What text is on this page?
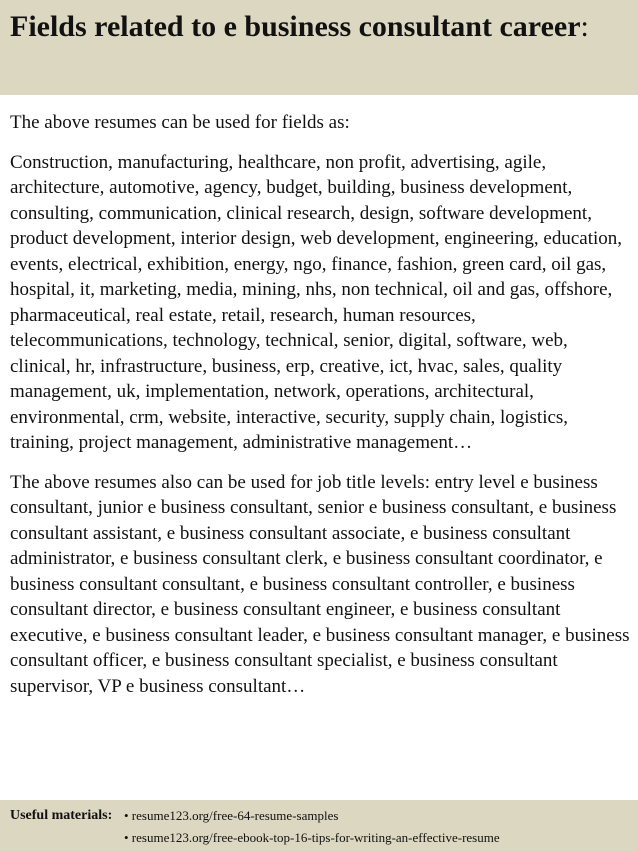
Fields related to e business consultant career:

The above resumes can be used for fields as:

Construction, manufacturing, healthcare, non profit, advertising, agile, architecture, automotive, agency, budget, building, business development, consulting, communication, clinical research, design, software development, product development, interior design, web development, engineering, education, events, electrical, exhibition, energy, ngo, finance, fashion, green card, oil gas, hospital, it, marketing, media, mining, nhs, non technical, oil and gas, offshore, pharmaceutical, real estate, retail, research, human resources, telecommunications, technology, technical, senior, digital, software, web, clinical, hr, infrastructure, business, erp, creative, ict, hvac, sales, quality management, uk, implementation, network, operations, architectural, environmental, crm, website, interactive, security, supply chain, logistics, training, project management, administrative management…

The above resumes also can be used for job title levels: entry level e business consultant, junior e business consultant, senior e business consultant, e business consultant assistant, e business consultant associate, e business consultant administrator, e business consultant clerk, e business consultant coordinator, e business consultant consultant, e business consultant controller, e business consultant director, e business consultant engineer, e business consultant executive, e business consultant leader, e business consultant manager, e business consultant officer, e business consultant specialist, e business consultant supervisor, VP e business consultant…

Useful materials: • resume123.org/free-64-resume-samples
• resume123.org/free-ebook-top-16-tips-for-writing-an-effective-resume
